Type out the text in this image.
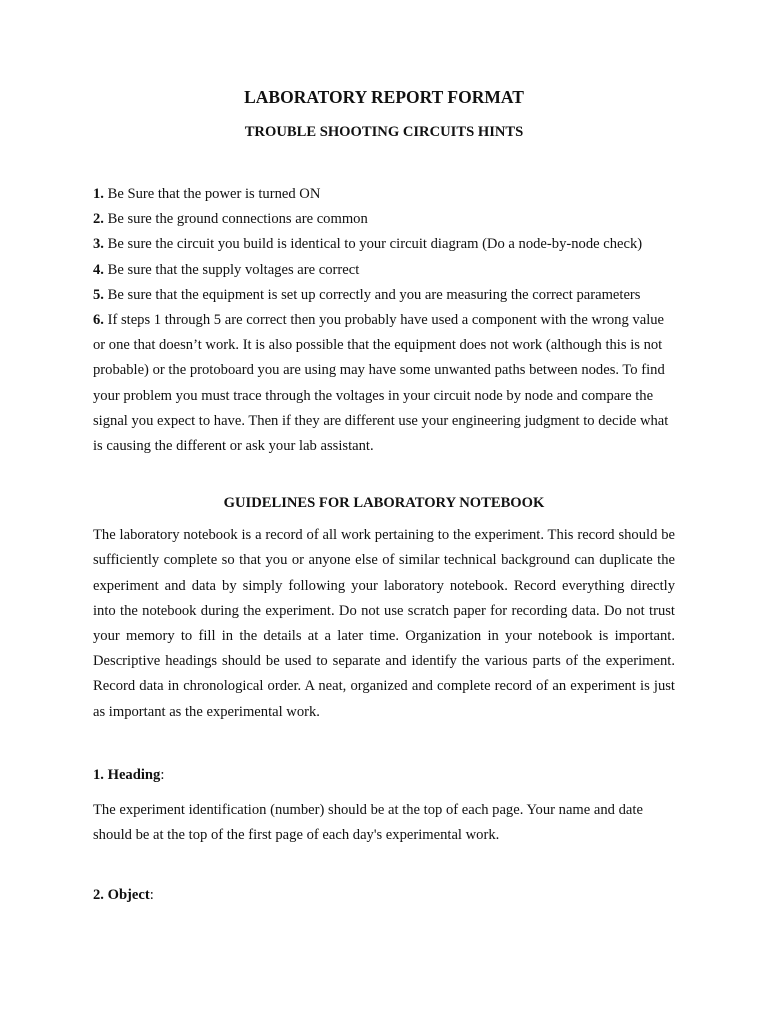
LABORATORY REPORT FORMAT
TROUBLE SHOOTING CIRCUITS HINTS
1. Be Sure that the power is turned ON
2. Be sure the ground connections are common
3. Be sure the circuit you build is identical to your circuit diagram (Do a node-by-node check)
4. Be sure that the supply voltages are correct
5. Be sure that the equipment is set up correctly and you are measuring the correct parameters
6. If steps 1 through 5 are correct then you probably have used a component with the wrong value or one that doesn’t work. It is also possible that the equipment does not work (although this is not probable) or the protoboard you are using may have some unwanted paths between nodes. To find your problem you must trace through the voltages in your circuit node by node and compare the signal you expect to have. Then if they are different use your engineering judgment to decide what is causing the different or ask your lab assistant.
GUIDELINES FOR LABORATORY NOTEBOOK

The laboratory notebook is a record of all work pertaining to the experiment. This record should be sufficiently complete so that you or anyone else of similar technical background can duplicate the experiment and data by simply following your laboratory notebook. Record everything directly into the notebook during the experiment. Do not use scratch paper for recording data. Do not trust your memory to fill in the details at a later time. Organization in your notebook is important. Descriptive headings should be used to separate and identify the various parts of the experiment. Record data in chronological order. A neat, organized and complete record of an experiment is just as important as the experimental work.

1. Heading:

The experiment identification (number) should be at the top of each page. Your name and date should be at the top of the first page of each day's experimental work.

2. Object:
